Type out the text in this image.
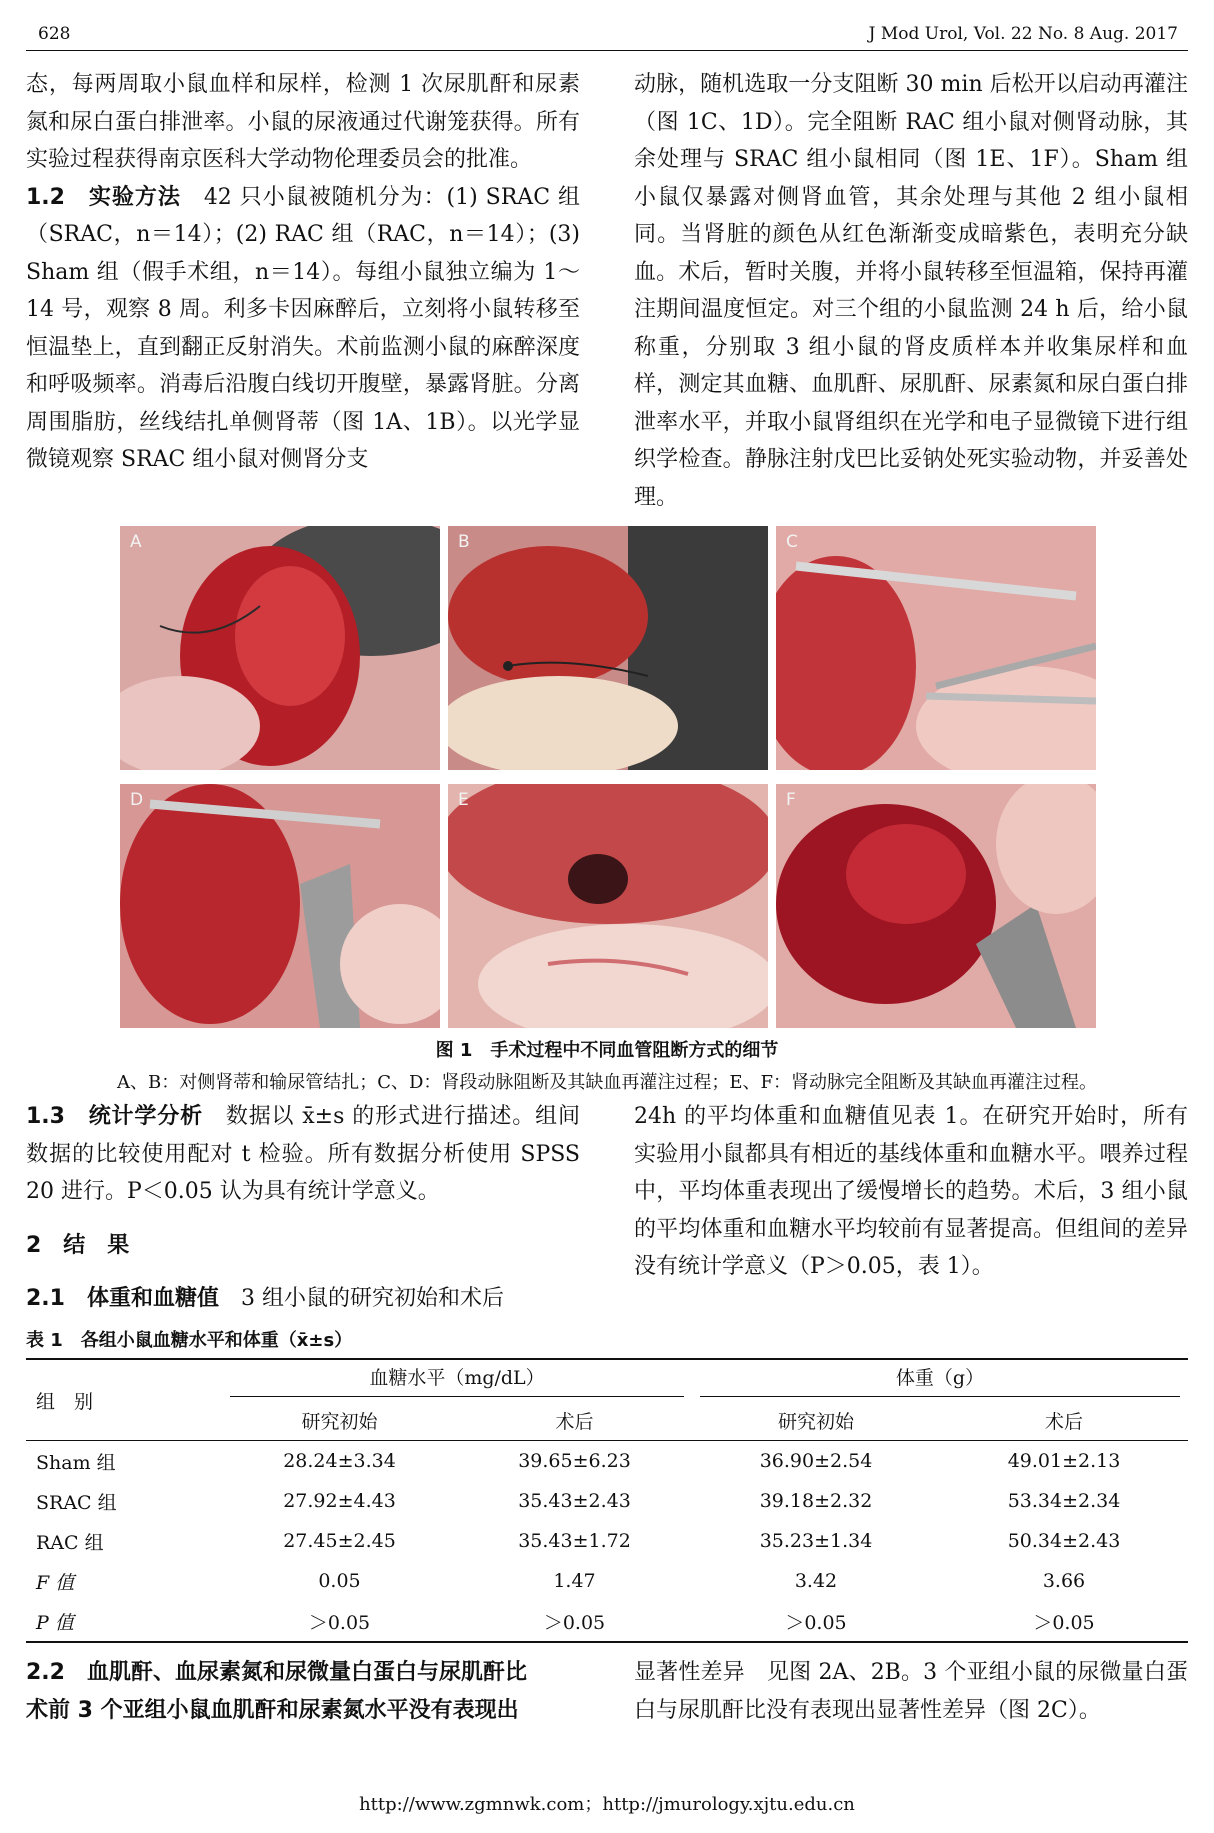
628	J Mod Urol, Vol. 22 No. 8 Aug. 2017

态，每两周取小鼠血样和尿样，检测 1 次尿肌酐和尿素氮和尿白蛋白排泄率。小鼠的尿液通过代谢笼获得。所有实验过程获得南京医科大学动物伦理委员会的批准。

1.2　实验方法　 42 只小鼠被随机分为：(1) SRAC 组（SRAC，n＝14）；(2) RAC 组（RAC，n＝14）；(3) Sham 组（假手术组，n＝14）。每组小鼠独立编为 1～14 号，观察 8 周。利多卡因麻醉后，立刻将小鼠转移至恒温垫上，直到翻正反射消失。术前监测小鼠的麻醉深度和呼吸频率。消毒后沿腹白线切开腹壁，暴露肾脏。分离周围脂肪，丝线结扎单侧肾蒂（图 1A、1B）。以光学显微镜观察 SRAC 组小鼠对侧肾分支

动脉，随机选取一分支阻断 30 min 后松开以启动再灌注（图 1C、1D）。完全阻断 RAC 组小鼠对侧肾动脉，其余处理与 SRAC 组小鼠相同（图 1E、1F）。Sham 组小鼠仅暴露对侧肾血管，其余处理与其他 2 组小鼠相同。当肾脏的颜色从红色渐渐变成暗紫色，表明充分缺血。术后，暂时关腹，并将小鼠转移至恒温箱，保持再灌注期间温度恒定。对三个组的小鼠监测 24 h 后，给小鼠称重，分别取 3 组小鼠的肾皮质样本并收集尿样和血样，测定其血糖、血肌酐、尿肌酐、尿素氮和尿白蛋白排泄率水平，并取小鼠肾组织在光学和电子显微镜下进行组织学检查。静脉注射戊巴比妥钠处死实验动物，并妥善处理。

A	B	C
D	E	F
图 1　手术过程中不同血管阻断方式的细节
A、B：对侧肾蒂和输尿管结扎；C、D：肾段动脉阻断及其缺血再灌注过程；E、F：肾动脉完全阻断及其缺血再灌注过程。

1.3　统计学分析　 数据以 x̄±s 的形式进行描述。组间数据的比较使用配对 t 检验。所有数据分析使用 SPSS 20 进行。P＜0.05 认为具有统计学意义。

2　结　果

2.1　体重和血糖值　 3 组小鼠的研究初始和术后

24h 的平均体重和血糖值见表 1。在研究开始时，所有实验用小鼠都具有相近的基线体重和血糖水平。喂养过程中，平均体重表现出了缓慢增长的趋势。术后，3 组小鼠的平均体重和血糖水平均较前有显著提高。但组间的差异没有统计学意义（P＞0.05，表 1）。

表 1　各组小鼠血糖水平和体重（x̄±s）
组　别	血糖水平（mg/dL）		体重（g）	

	研究初始	术后	研究初始	术后
Sham 组	28.24±3.34	39.65±6.23	36.90±2.54	49.01±2.13
SRAC 组	27.92±4.43	35.43±2.43	39.18±2.32	53.34±2.34
RAC 组	27.45±2.45	35.43±1.72	35.23±1.34	50.34±2.43
F 值	0.05	1.47	3.42	3.66
P 值	＞0.05	＞0.05	＞0.05	＞0.05

2.2　血肌酐、血尿素氮和尿微量白蛋白与尿肌酐比

术前 3 个亚组小鼠血肌酐和尿素氮水平没有表现出

显著性差异　见图 2A、2B。3 个亚组小鼠的尿微量白蛋白与尿肌酐比没有表现出显著性差异（图 2C）。

http://www.zgmnwk.com；http://jmurology.xjtu.edu.cn
